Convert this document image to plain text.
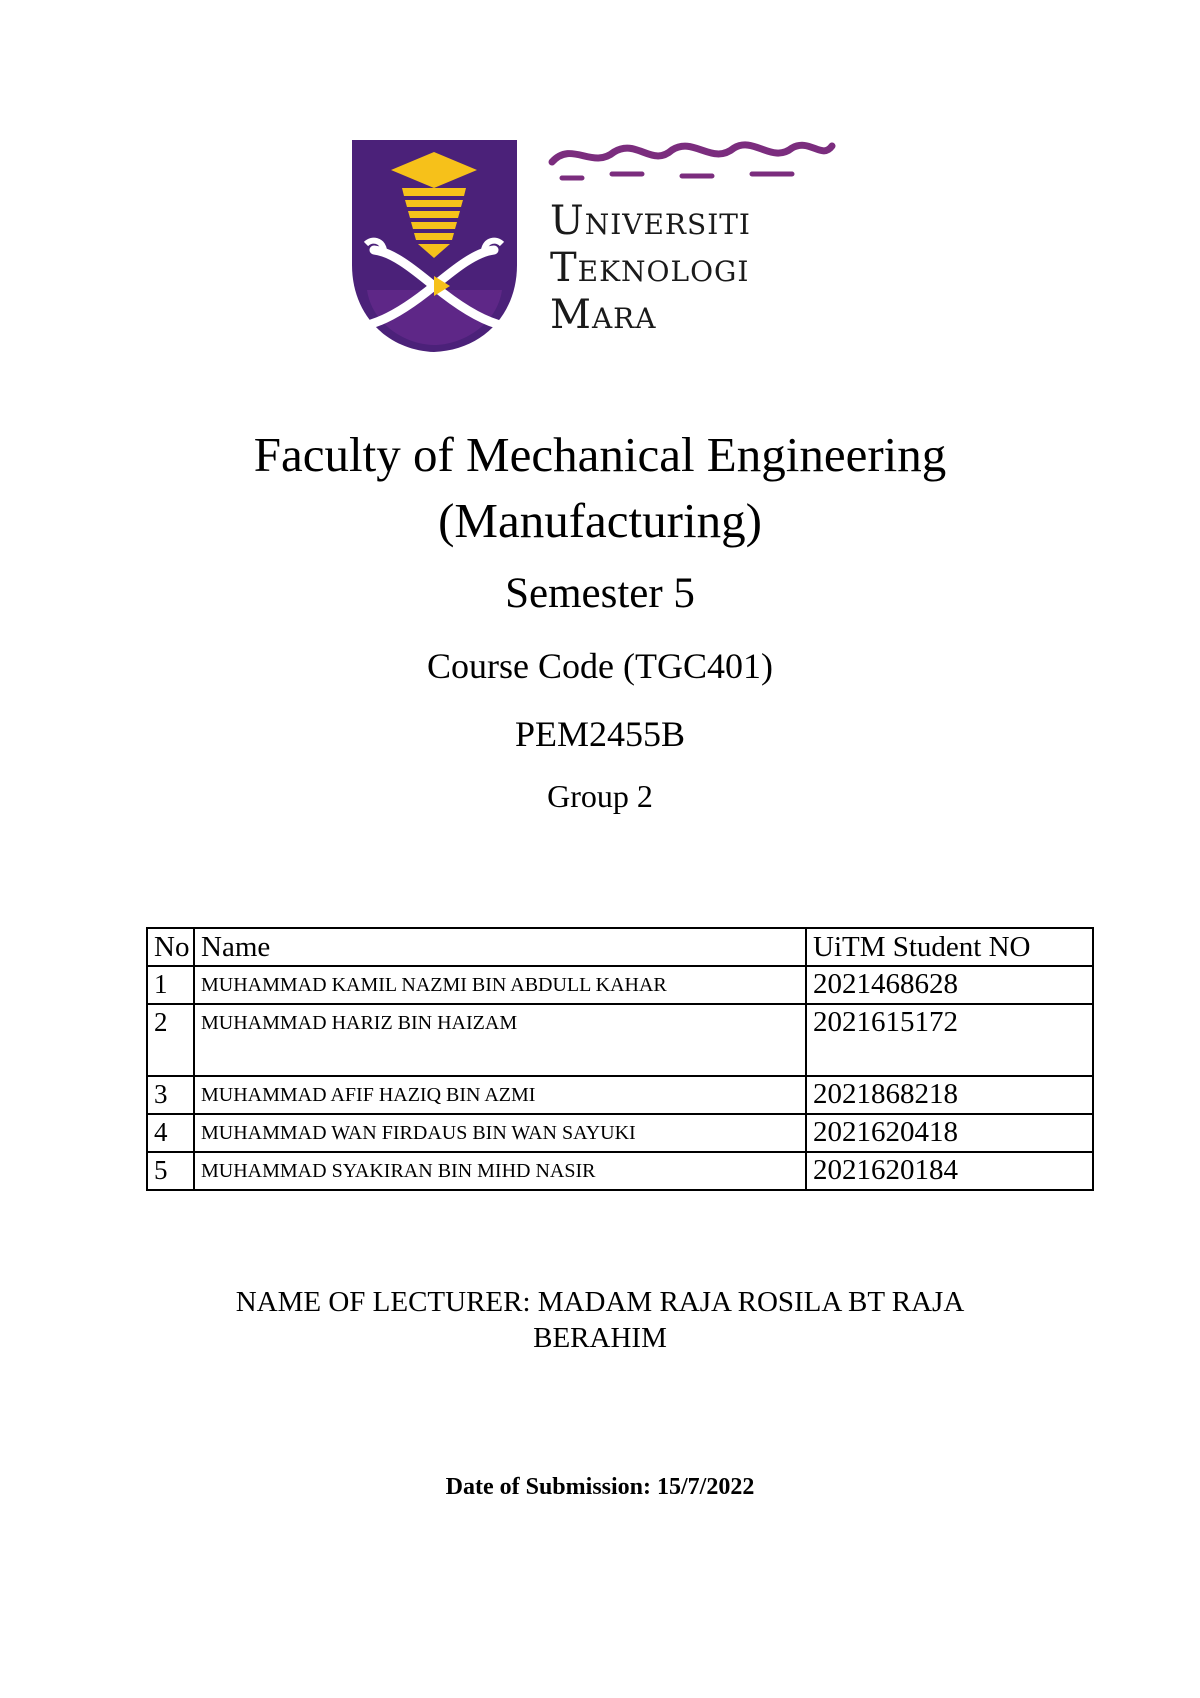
Universiti
Teknologi
Mara
Faculty of Mechanical Engineering
(Manufacturing)
Semester 5
Course Code (TGC401)
PEM2455B
Group 2
No	Name	UiTM Student NO
1	MUHAMMAD KAMIL NAZMI BIN ABDULL KAHAR	2021468628
2	MUHAMMAD HARIZ BIN HAIZAM	2021615172
3	MUHAMMAD AFIF HAZIQ BIN AZMI	2021868218
4	MUHAMMAD WAN FIRDAUS BIN WAN SAYUKI	2021620418
5	MUHAMMAD SYAKIRAN BIN MIHD NASIR	2021620184
NAME OF LECTURER: MADAM RAJA ROSILA BT RAJA
BERAHIM
Date of Submission: 15/7/2022
